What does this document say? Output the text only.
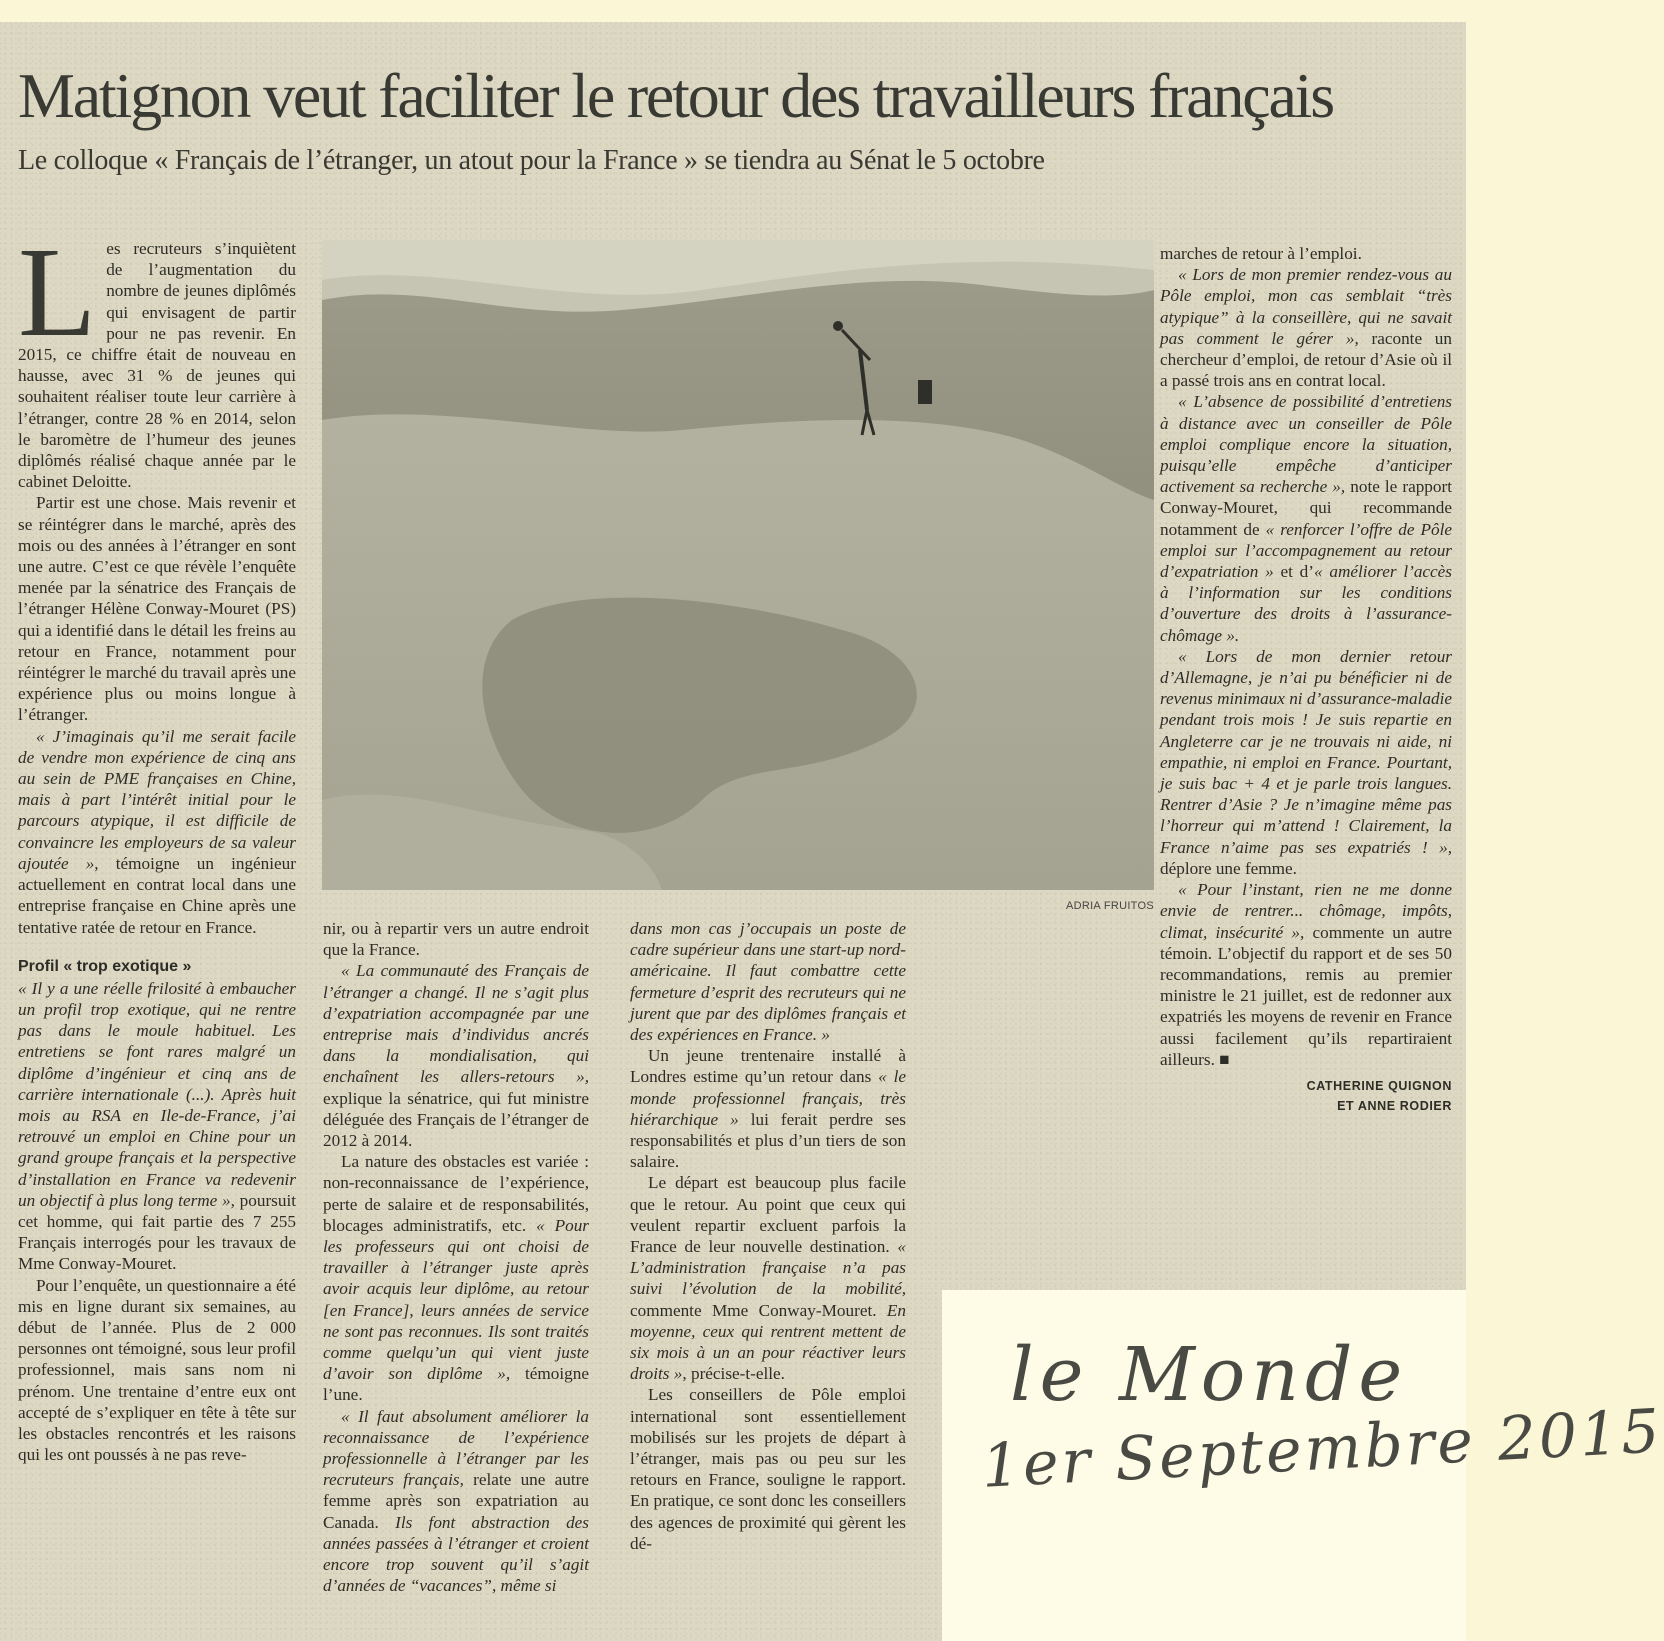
Matignon veut faciliter le retour des travailleurs français
Le colloque « Français de l’étranger, un atout pour la France » se tiendra au Sénat le 5 octobre

Les recruteurs s’inquiètent de l’augmentation du nombre de jeunes diplômés qui envisagent de partir pour ne pas revenir. En 2015, ce chiffre était de nouveau en hausse, avec 31 % de jeunes qui souhaitent réaliser toute leur carrière à l’étranger, contre 28 % en 2014, selon le baromètre de l’humeur des jeunes diplômés réalisé chaque année par le cabinet Deloitte.

Partir est une chose. Mais revenir et se réintégrer dans le marché, après des mois ou des années à l’étranger en sont une autre. C’est ce que révèle l’enquête menée par la sénatrice des Français de l’étranger Hélène Conway-Mouret (PS) qui a identifié dans le détail les freins au retour en France, notamment pour réintégrer le marché du travail après une expérience plus ou moins longue à l’étranger.

« J’imaginais qu’il me serait facile de vendre mon expérience de cinq ans au sein de PME françaises en Chine, mais à part l’intérêt initial pour le parcours atypique, il est difficile de convaincre les employeurs de sa valeur ajoutée », témoigne un ingénieur actuellement en contrat local dans une entreprise française en Chine après une tentative ratée de retour en France.

Profil « trop exotique »

« Il y a une réelle frilosité à embaucher un profil trop exotique, qui ne rentre pas dans le moule habituel. Les entretiens se font rares malgré un diplôme d’ingénieur et cinq ans de carrière internationale (...). Après huit mois au RSA en Ile-de-France, j’ai retrouvé un emploi en Chine pour un grand groupe français et la perspective d’installation en France va redevenir un objectif à plus long terme », poursuit cet homme, qui fait partie des 7 255 Français interrogés pour les travaux de Mme Conway-Mouret.

Pour l’enquête, un questionnaire a été mis en ligne durant six semaines, au début de l’année. Plus de 2 000 personnes ont témoigné, sous leur profil professionnel, mais sans nom ni prénom. Une trentaine d’entre eux ont accepté de s’expliquer en tête à tête sur les obstacles rencontrés et les raisons qui les ont poussés à ne pas reve-

ADRIA FRUITOS

nir, ou à repartir vers un autre endroit que la France.

« La communauté des Français de l’étranger a changé. Il ne s’agit plus d’expatriation accompagnée par une entreprise mais d’individus ancrés dans la mondialisation, qui enchaînent les allers-retours », explique la sénatrice, qui fut ministre déléguée des Français de l’étranger de 2012 à 2014.

La nature des obstacles est variée : non-reconnaissance de l’expérience, perte de salaire et de responsabilités, blocages administratifs, etc. « Pour les professeurs qui ont choisi de travailler à l’étranger juste après avoir acquis leur diplôme, au retour [en France], leurs années de service ne sont pas reconnues. Ils sont traités comme quelqu’un qui vient juste d’avoir son diplôme », témoigne l’une.

« Il faut absolument améliorer la reconnaissance de l’expérience professionnelle à l’étranger par les recruteurs français, relate une autre femme après son expatriation au Canada. Ils font abstraction des années passées à l’étranger et croient encore trop souvent qu’il s’agit d’années de “vacances”, même si

dans mon cas j’occupais un poste de cadre supérieur dans une start-up nord-américaine. Il faut combattre cette fermeture d’esprit des recruteurs qui ne jurent que par des diplômes français et des expériences en France. »

Un jeune trentenaire installé à Londres estime qu’un retour dans « le monde professionnel français, très hiérarchique » lui ferait perdre ses responsabilités et plus d’un tiers de son salaire.

Le départ est beaucoup plus facile que le retour. Au point que ceux qui veulent repartir excluent parfois la France de leur nouvelle destination. « L’administration française n’a pas suivi l’évolution de la mobilité, commente Mme Conway-Mouret. En moyenne, ceux qui rentrent mettent de six mois à un an pour réactiver leurs droits », précise-t-elle.

Les conseillers de Pôle emploi international sont essentiellement mobilisés sur les projets de départ à l’étranger, mais pas ou peu sur les retours en France, souligne le rapport. En pratique, ce sont donc les conseillers des agences de proximité qui gèrent les dé-

marches de retour à l’emploi.

« Lors de mon premier rendez-vous au Pôle emploi, mon cas semblait “très atypique” à la conseillère, qui ne savait pas comment le gérer », raconte un chercheur d’emploi, de retour d’Asie où il a passé trois ans en contrat local.

« L’absence de possibilité d’entretiens à distance avec un conseiller de Pôle emploi complique encore la situation, puisqu’elle empêche d’anticiper activement sa recherche », note le rapport Conway-Mouret, qui recommande notamment de « renforcer l’offre de Pôle emploi sur l’accompagnement au retour d’expatriation » et d’« améliorer l’accès à l’information sur les conditions d’ouverture des droits à l’assurance-chômage ».

« Lors de mon dernier retour d’Allemagne, je n’ai pu bénéficier ni de revenus minimaux ni d’assurance-maladie pendant trois mois ! Je suis repartie en Angleterre car je ne trouvais ni aide, ni empathie, ni emploi en France. Pourtant, je suis bac + 4 et je parle trois langues. Rentrer d’Asie ? Je n’imagine même pas l’horreur qui m’attend ! Clairement, la France n’aime pas ses expatriés ! », déplore une femme.

« Pour l’instant, rien ne me donne envie de rentrer... chômage, impôts, climat, insécurité », commente un autre témoin. L’objectif du rapport et de ses 50 recommandations, remis au premier ministre le 21 juillet, est de redonner aux expatriés les moyens de revenir en France aussi facilement qu’ils repartiraient ailleurs. ■

CATHERINE QUIGNON
ET ANNE RODIER
le Monde
1er Septembre 2015
